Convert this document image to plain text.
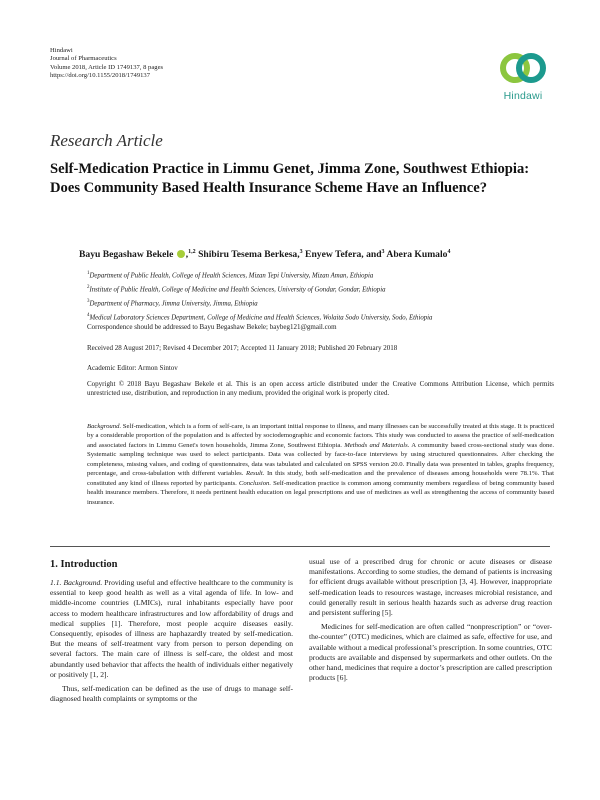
Hindawi
Journal of Pharmaceutics
Volume 2018, Article ID 1749137, 8 pages
https://doi.org/10.1155/2018/1749137
Hindawi
Research Article
Self-Medication Practice in Limmu Genet, Jimma Zone, Southwest Ethiopia: Does Community Based Health Insurance Scheme Have an Influence?
Bayu Begashaw Bekele ,$^{1,2}$ Shibiru Tesema Berkesa,$^3$ Enyew Tefera, and$^3$ Abera Kumalo$^4$
$^1$Department of Public Health, College of Health Sciences, Mizan Tepi University, Mizan Aman, Ethiopia
$^2$Institute of Public Health, College of Medicine and Health Sciences, University of Gondar, Gondar, Ethiopia
$^3$Department of Pharmacy, Jimma University, Jimma, Ethiopia
$^4$Medical Laboratory Sciences Department, College of Medicine and Health Sciences, Wolaita Sodo University, Sodo, Ethiopia
Correspondence should be addressed to Bayu Begashaw Bekele; baybeg121@gmail.com
Received 28 August 2017; Revised 4 December 2017; Accepted 11 January 2018; Published 20 February 2018
Academic Editor: Armon Sintov
Copyright © 2018 Bayu Begashaw Bekele et al. This is an open access article distributed under the Creative Commons Attribution License, which permits unrestricted use, distribution, and reproduction in any medium, provided the original work is properly cited.
Background. Self-medication, which is a form of self-care, is an important initial response to illness, and many illnesses can be successfully treated at this stage. It is practiced by a considerable proportion of the population and is affected by sociodemographic and economic factors. This study was conducted to assess the practice of self-medication and associated factors in Limmu Genet's town households, Jimma Zone, Southwest Ethiopia. Methods and Materials. A community based cross-sectional study was done. Systematic sampling technique was used to select participants. Data was collected by face-to-face interviews by using structured questionnaires. After checking the completeness, missing values, and coding of questionnaires, data was tabulated and calculated on SPSS version 20.0. Finally data was presented in tables, graphs frequency, percentage, and cross-tabulation with different variables. Result. In this study, both self-medication and the prevalence of diseases among households were 78.1%. That constituted any kind of illness reported by participants. Conclusion. Self-medication practice is common among community members regardless of being community based health insurance members. Therefore, it needs pertinent health education on legal prescriptions and use of medicines as well as strengthening the access of community based insurance.
1. Introduction

1.1. Background. Providing useful and effective healthcare to the community is essential to keep good health as well as a vital agenda of life. In low- and middle-income countries (LMICs), rural inhabitants especially have poor access to modern healthcare infrastructures and low affordability of drugs and medical supplies [1]. Therefore, most people acquire diseases easily. Consequently, episodes of illness are haphazardly treated by self-medication. But the means of self-treatment vary from person to person depending on several factors. The main care of illness is self-care, the oldest and most abundantly used behavior that affects the health of individuals either negatively or positively [1, 2].

Thus, self-medication can be defined as the use of drugs to manage self-diagnosed health complaints or symptoms or the

usual use of a prescribed drug for chronic or acute diseases or disease manifestations. According to some studies, the demand of patients is increasing for efficient drugs available without prescription [3, 4]. However, inappropriate self-medication leads to resources wastage, increases microbial resistance, and could generally result in serious health hazards such as adverse drug reaction and persistent suffering [5].

Medicines for self-medication are often called “nonprescription” or “over-the-counter” (OTC) medicines, which are claimed as safe, effective for use, and available without a medical professional’s prescription. In some countries, OTC products are available and dispensed by supermarkets and other outlets. On the other hand, medicines that require a doctor’s prescription are called prescription products [6].
